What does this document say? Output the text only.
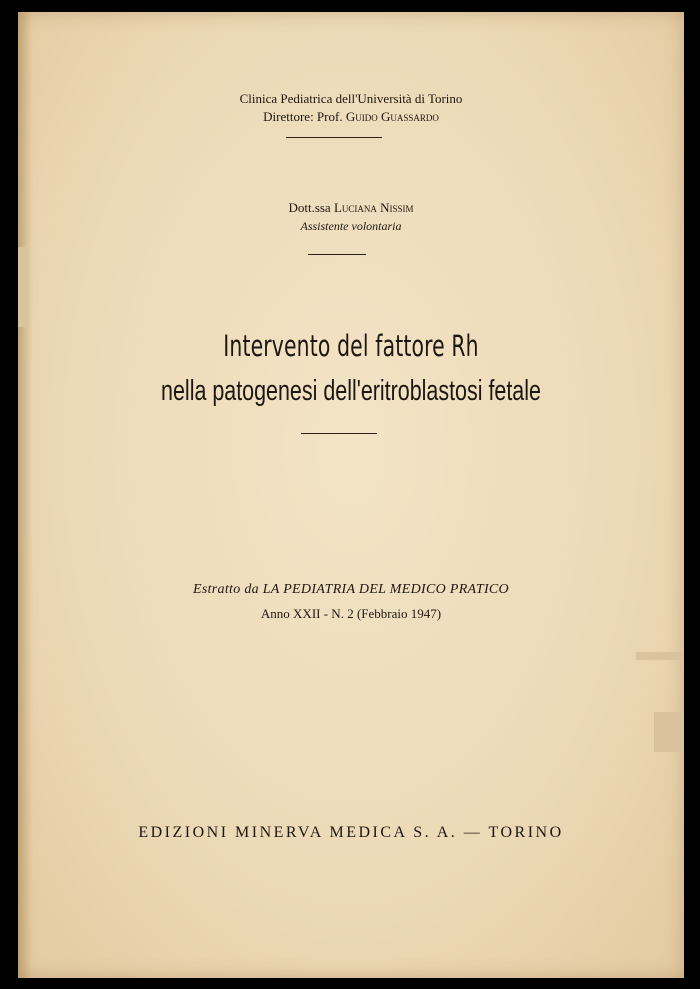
Clinica Pediatrica dell'Università di Torino
Direttore: Prof. Guido Guassardo
Dott.ssa Luciana Nissim
Assistente volontaria
Intervento del fattore Rh
nella patogenesi dell'eritroblastosi fetale
Estratto da LA PEDIATRIA DEL MEDICO PRATICO
Anno XXII - N. 2 (Febbraio 1947)
EDIZIONI MINERVA MEDICA S. A. — TORINO
